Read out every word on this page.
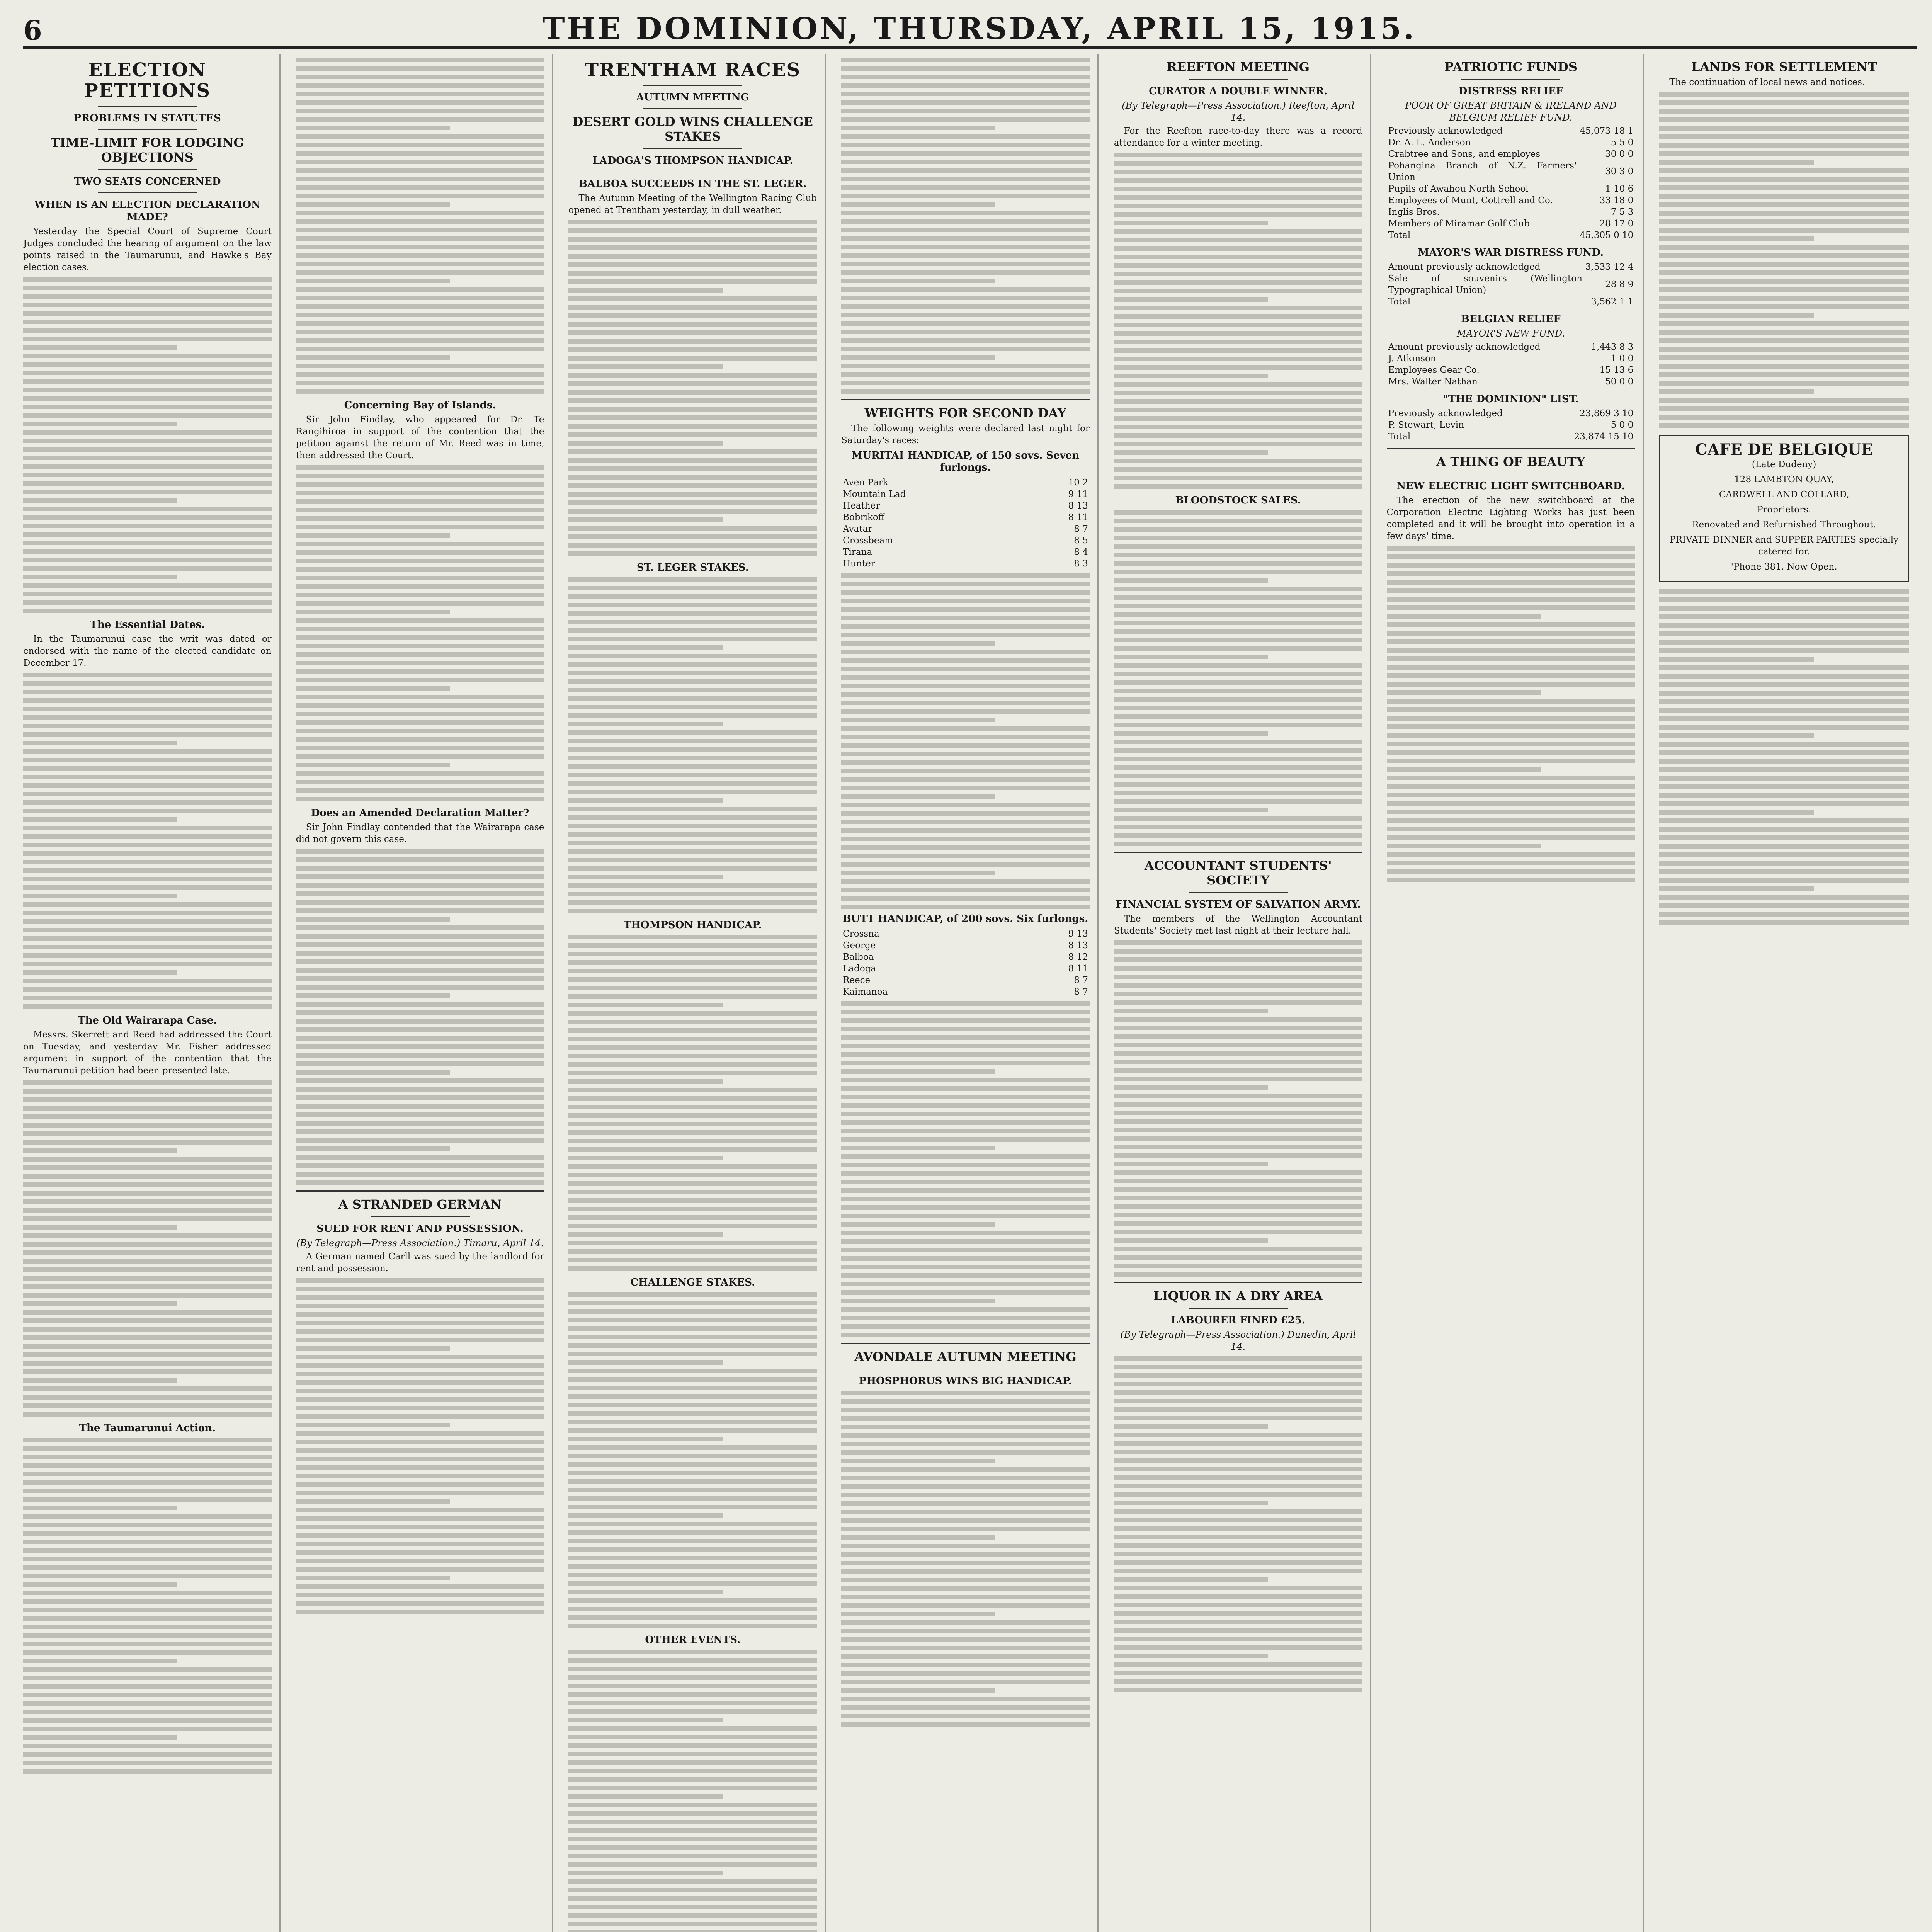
6	THE DOMINION, THURSDAY, APRIL 15, 1915.
ELECTION PETITIONS
PROBLEMS IN STATUTES
TIME-LIMIT FOR LODGING OBJECTIONS
TWO SEATS CONCERNED
WHEN IS AN ELECTION DECLARATION MADE?

Yesterday the Special Court of Supreme Court Judges concluded the hearing of argument on the law points raised in the Taumarunui, and Hawke's Bay election cases.

The Essential Dates.

In the Taumarunui case the writ was dated or endorsed with the name of the elected candidate on December 17.

The Old Wairarapa Case.

Messrs. Skerrett and Reed had addressed the Court on Tuesday, and yesterday Mr. Fisher addressed argument in support of the contention that the Taumarunui petition had been presented late.

The Taumarunui Action.
Concerning Bay of Islands.

Sir John Findlay, who appeared for Dr. Te Rangihiroa in support of the contention that the petition against the return of Mr. Reed was in time, then addressed the Court.

Does an Amended Declaration Matter?

Sir John Findlay contended that the Wairarapa case did not govern this case.

A STRANDED GERMAN
SUED FOR RENT AND POSSESSION.
(By Telegraph—Press Association.) Timaru, April 14.

A German named Carll was sued by the landlord for rent and possession.

TRENTHAM RACES
AUTUMN MEETING
DESERT GOLD WINS CHALLENGE STAKES
LADOGA'S THOMPSON HANDICAP.
BALBOA SUCCEEDS IN THE ST. LEGER.

The Autumn Meeting of the Wellington Racing Club opened at Trentham yesterday, in dull weather.

ST. LEGER STAKES.
THOMPSON HANDICAP.
CHALLENGE STAKES.
OTHER EVENTS.
WEIGHTS FOR SECOND DAY

The following weights were declared last night for Saturday's races:

MURITAI HANDICAP, of 150 sovs. Seven furlongs.
Aven Park	10 2
Mountain Lad	9 11
Heather	8 13
Bobrikoff	8 11
Avatar	8 7
Crossbeam	8 5
Tirana	8 4
Hunter	8 3
BUTT HANDICAP, of 200 sovs. Six furlongs.
Crossna	9 13
George	8 13
Balboa	8 12
Ladoga	8 11
Reece	8 7
Kaimanoa	8 7
AVONDALE AUTUMN MEETING
PHOSPHORUS WINS BIG HANDICAP.
REEFTON MEETING
CURATOR A DOUBLE WINNER.
(By Telegraph—Press Association.) Reefton, April 14.

For the Reefton race-to-day there was a record attendance for a winter meeting.

BLOODSTOCK SALES.
ACCOUNTANT STUDENTS' SOCIETY
FINANCIAL SYSTEM OF SALVATION ARMY.

The members of the Wellington Accountant Students' Society met last night at their lecture hall.

LIQUOR IN A DRY AREA
LABOURER FINED £25.
(By Telegraph—Press Association.) Dunedin, April 14.
PATRIOTIC FUNDS
DISTRESS RELIEF
POOR OF GREAT BRITAIN & IRELAND AND BELGIUM RELIEF FUND.
Previously acknowledged	45,073 18 1
Dr. A. L. Anderson	5 5 0
Crabtree and Sons, and employes	30 0 0
Pohangina Branch of N.Z. Farmers' Union	30 3 0
Pupils of Awahou North School	1 10 6
Employees of Munt, Cottrell and Co.	33 18 0
Inglis Bros.	7 5 3
Members of Miramar Golf Club	28 17 0
Total	45,305 0 10
MAYOR'S WAR DISTRESS FUND.
Amount previously acknowledged	3,533 12 4
Sale of souvenirs (Wellington Typographical Union)	28 8 9
Total	3,562 1 1
BELGIAN RELIEF
MAYOR'S NEW FUND.
Amount previously acknowledged	1,443 8 3
J. Atkinson	1 0 0
Employees Gear Co.	15 13 6
Mrs. Walter Nathan	50 0 0
"THE DOMINION" LIST.
Previously acknowledged	23,869 3 10
P. Stewart, Levin	5 0 0
Total	23,874 15 10
A THING OF BEAUTY
NEW ELECTRIC LIGHT SWITCHBOARD.

The erection of the new switchboard at the Corporation Electric Lighting Works has just been completed and it will be brought into operation in a few days' time.

LANDS FOR SETTLEMENT

The continuation of local news and notices.

CAFE DE BELGIQUE

(Late Dudeny)

128 LAMBTON QUAY,

CARDWELL AND COLLARD,

Proprietors.

Renovated and Refurnished Throughout.

PRIVATE DINNER and SUPPER PARTIES specially catered for.

'Phone 381. Now Open.
